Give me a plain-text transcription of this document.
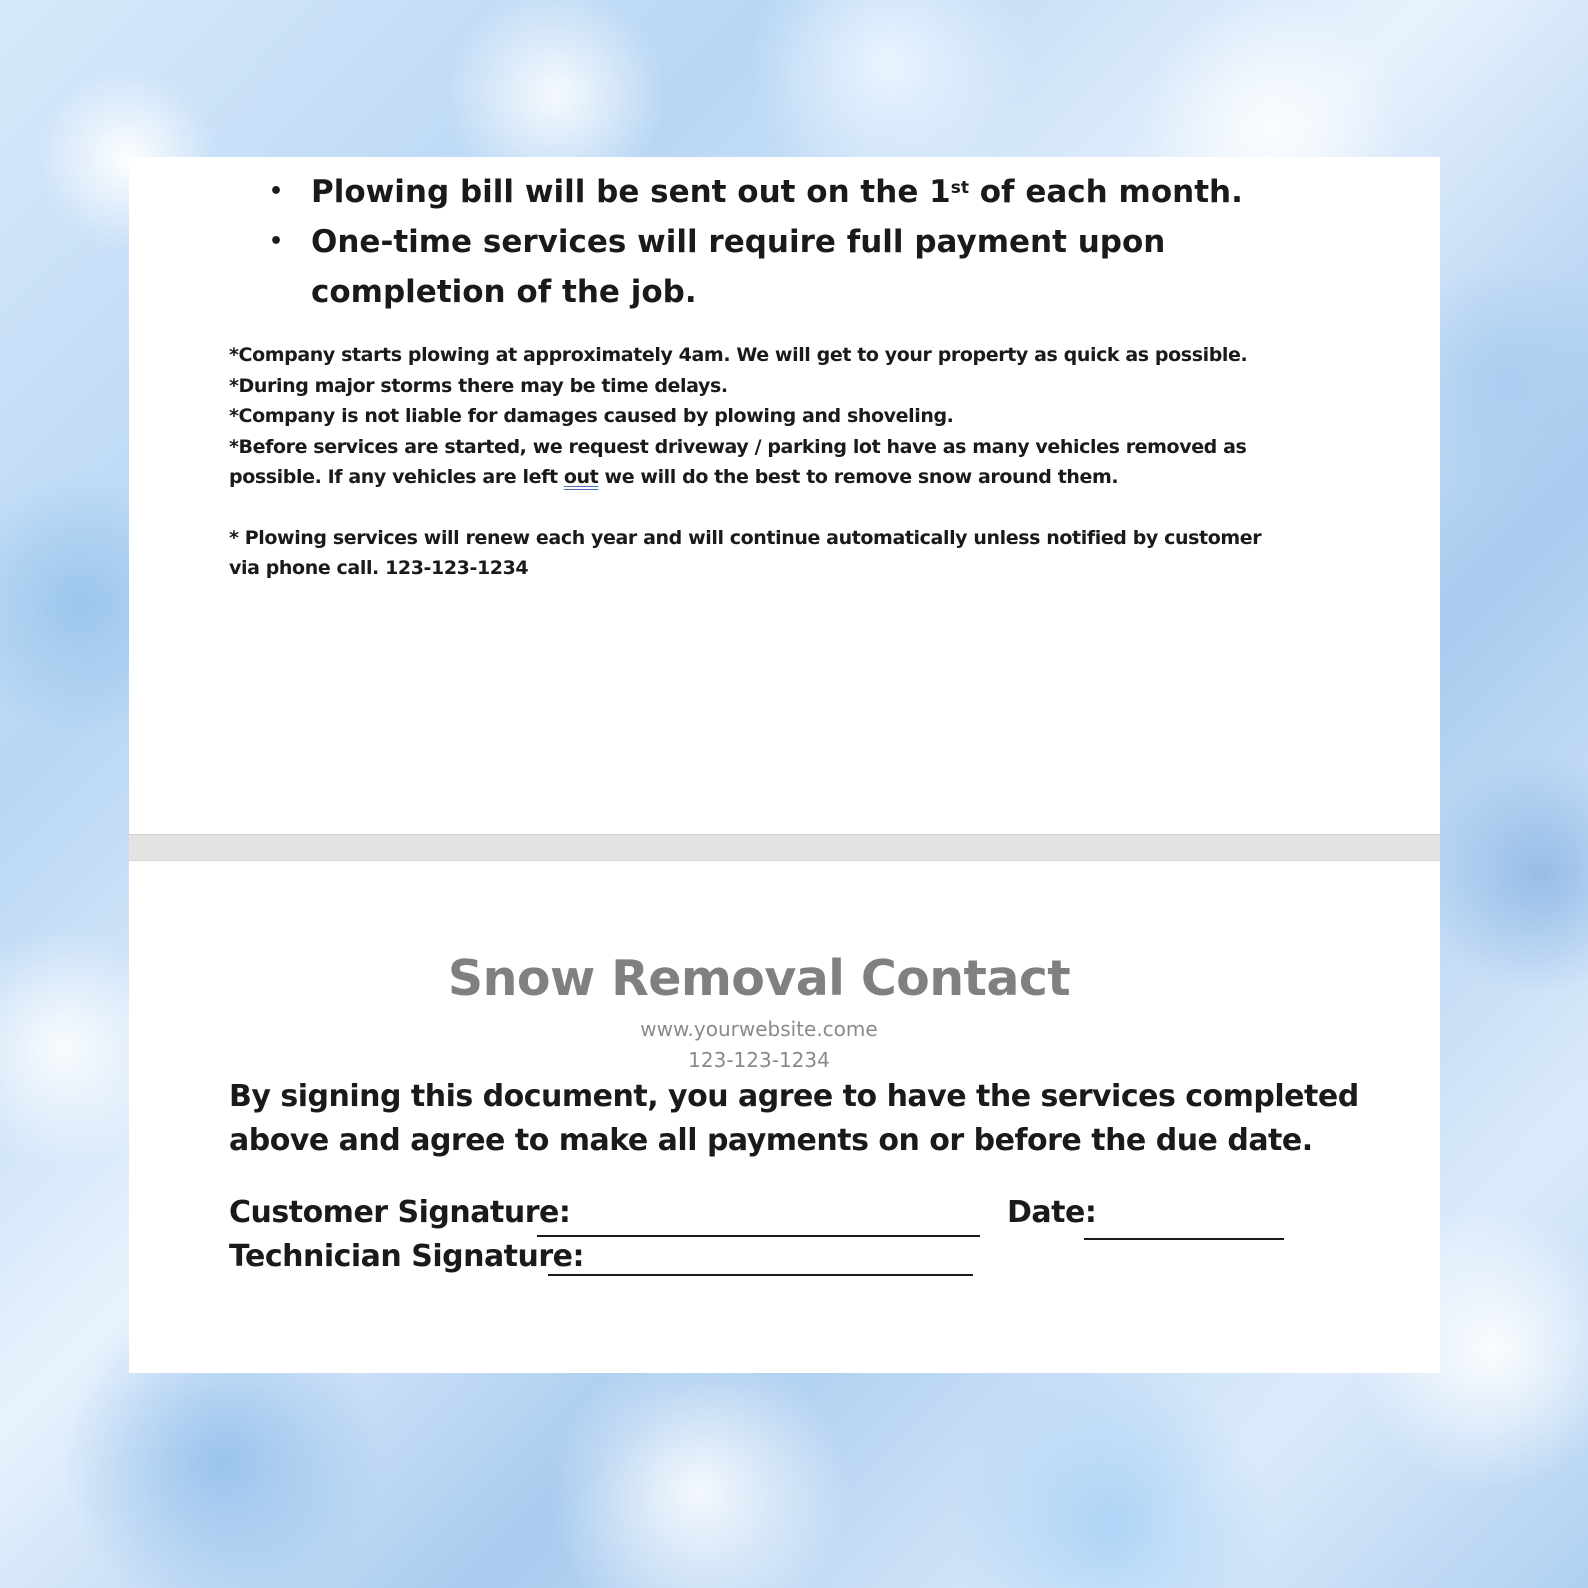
• Plowing bill will be sent out on the 1st of each month.
• One-time services will require full payment upon
completion of the job.
*Company starts plowing at approximately 4am. We will get to your property as quick as possible.
*During major storms there may be time delays.
*Company is not liable for damages caused by plowing and shoveling.
*Before services are started, we request driveway / parking lot have as many vehicles removed as
possible. If any vehicles are left out we will do the best to remove snow around them.
* Plowing services will renew each year and will continue automatically unless notified by customer
via phone call. 123-123-1234
Snow Removal Contact
www.yourwebsite.come
123-123-1234
By signing this document, you agree to have the services completed
above and agree to make all payments on or before the due date.
Customer Signature:	Date:
Technician Signature:
